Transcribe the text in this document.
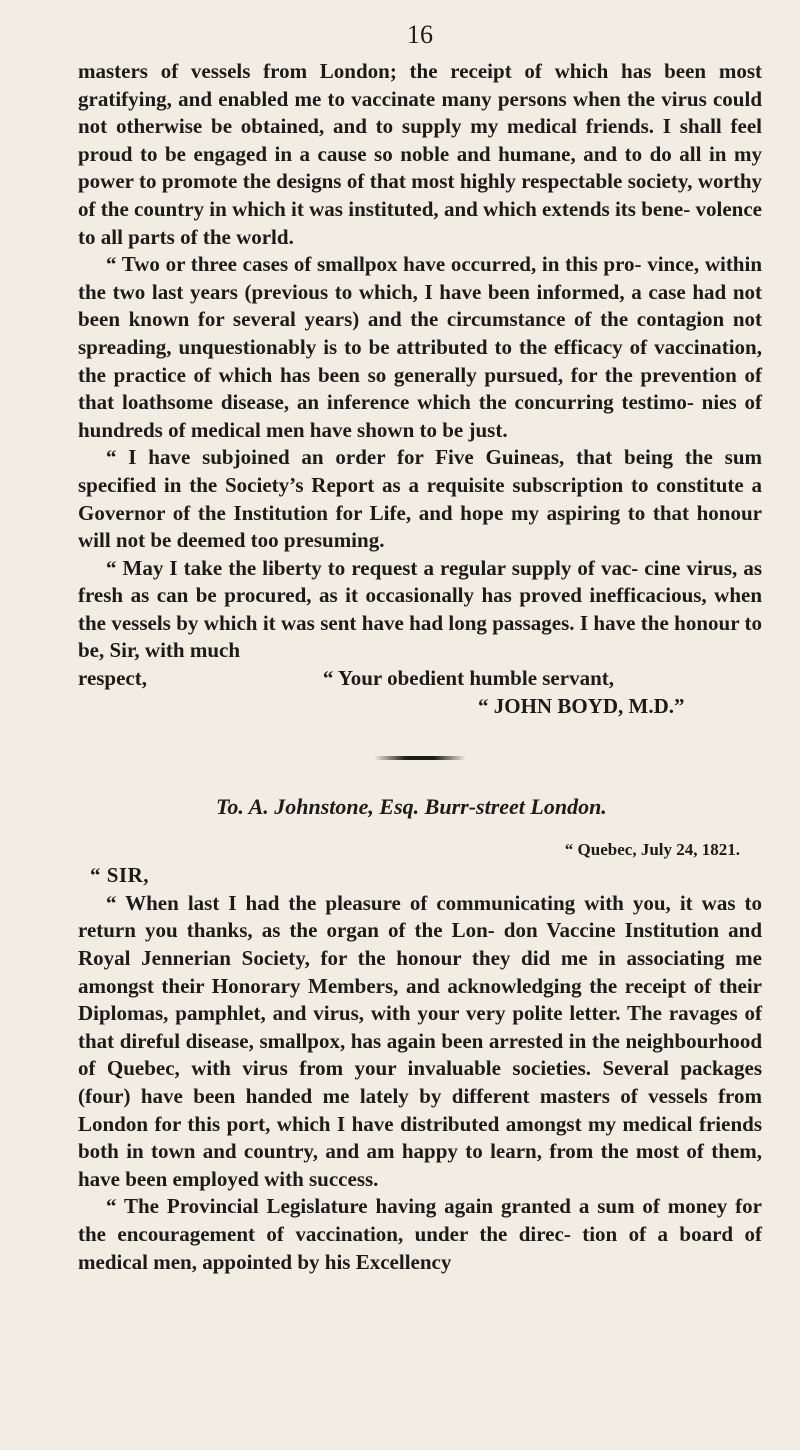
16

masters of vessels from London; the receipt of which has been most gratifying, and enabled me to vaccinate many persons when the virus could not otherwise be obtained, and to supply my medical friends. I shall feel proud to be engaged in a cause so noble and humane, and to do all in my power to promote the designs of that most highly respectable society, worthy of the country in which it was instituted, and which extends its bene- volence to all parts of the world.

“ Two or three cases of smallpox have occurred, in this pro- vince, within the two last years (previous to which, I have been informed, a case had not been known for several years) and the circumstance of the contagion not spreading, unquestionably is to be attributed to the efficacy of vaccination, the practice of which has been so generally pursued, for the prevention of that loathsome disease, an inference which the concurring testimo- nies of hundreds of medical men have shown to be just.

“ I have subjoined an order for Five Guineas, that being the sum specified in the Society’s Report as a requisite subscription to constitute a Governor of the Institution for Life, and hope my aspiring to that honour will not be deemed too presuming.

“ May I take the liberty to request a regular supply of vac- cine virus, as fresh as can be procured, as it occasionally has proved inefficacious, when the vessels by which it was sent have had long passages. I have the honour to be, Sir, with much

respect,	“ Your obedient humble servant,
“ JOHN BOYD, M.D.”
To. A. Johnstone, Esq. Burr-street London.
“ Quebec, July 24, 1821.
“ SIR,

“ When last I had the pleasure of communicating with you, it was to return you thanks, as the organ of the Lon- don Vaccine Institution and Royal Jennerian Society, for the honour they did me in associating me amongst their Honorary Members, and acknowledging the receipt of their Diplomas, pamphlet, and virus, with your very polite letter. The ravages of that direful disease, smallpox, has again been arrested in the neighbourhood of Quebec, with virus from your invaluable societies. Several packages (four) have been handed me lately by different masters of vessels from London for this port, which I have distributed amongst my medical friends both in town and country, and am happy to learn, from the most of them, have been employed with success.

“ The Provincial Legislature having again granted a sum of money for the encouragement of vaccination, under the direc- tion of a board of medical men, appointed by his Excellency
